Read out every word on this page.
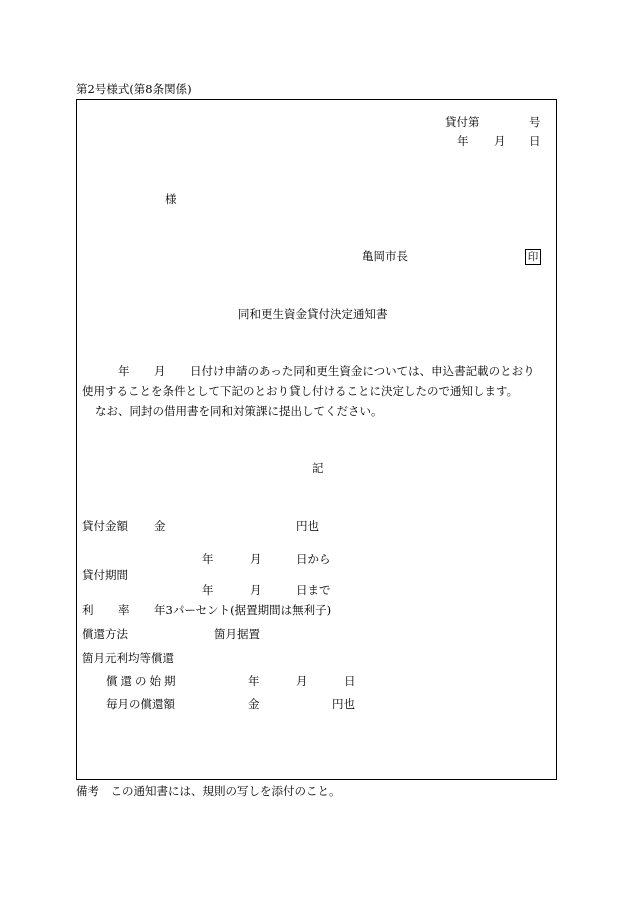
第2号様式(第8条関係)
貸付第	号
年 月 日
様
亀岡市長	印
同和更生資金貸付決定通知書
年 月 日付け申請のあった同和更生資金については、申込書記載のとおり
使用することを条件として下記のとおり貸し付けることに決定したので通知します。
なお、同封の借用書を同和対策課に提出してください。
記
貸付金額 金	円也
年	月	日から
貸付期間
年	月	日まで
利 率 年3パーセント(据置期間は無利子)
償還方法	箇月据置
箇月元利均等償還
償還の始期	年	月	日
毎月の償還額	金	円也
備考　この通知書には、規則の写しを添付のこと。
